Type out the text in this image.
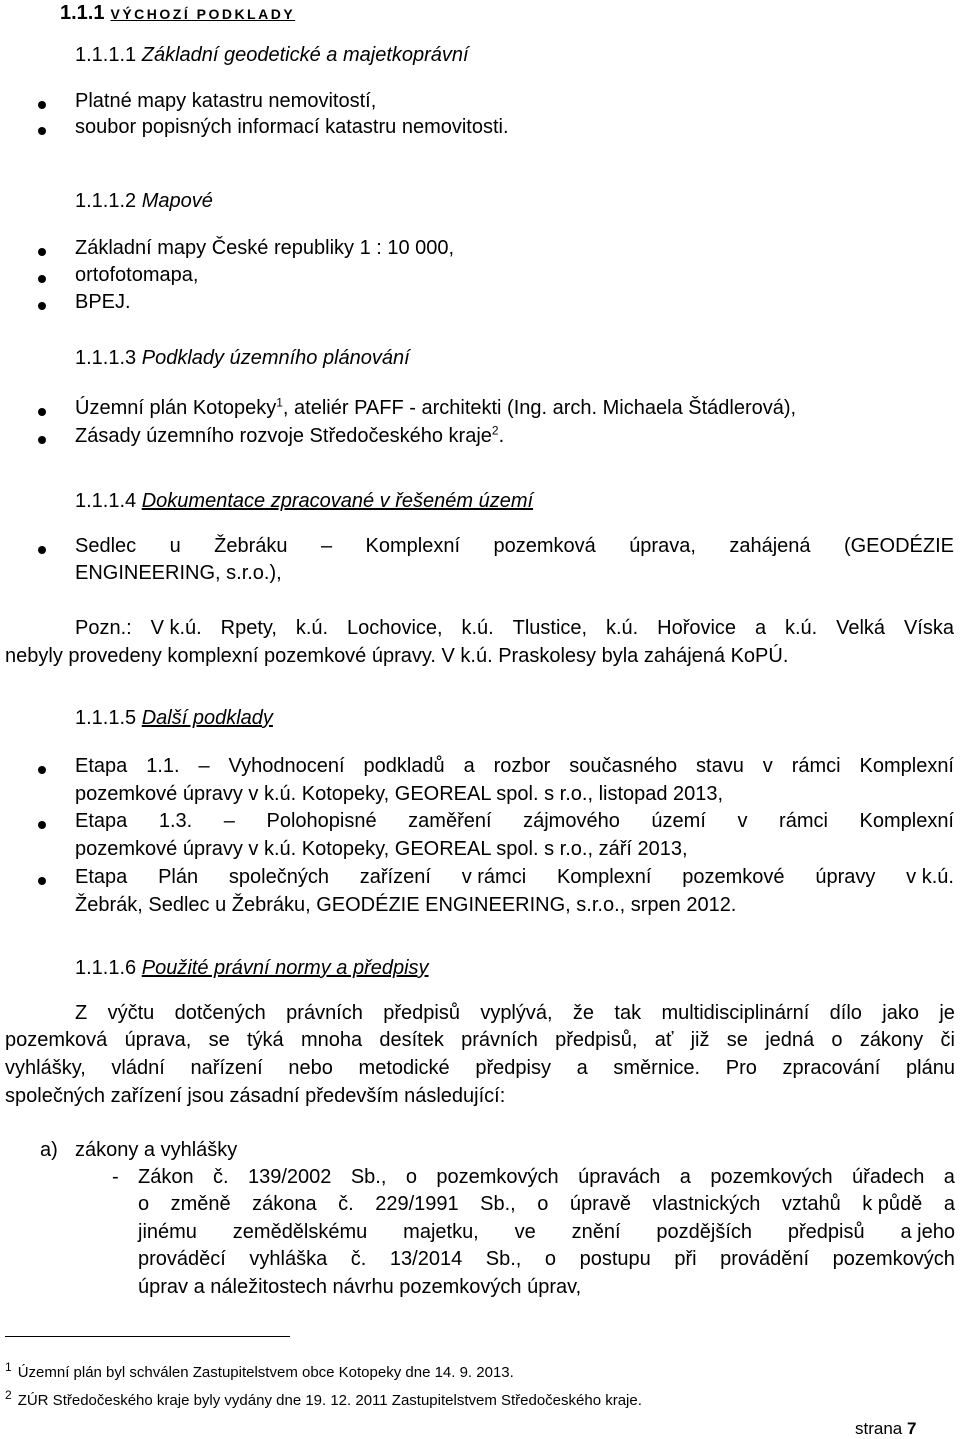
1.1.1 VÝCHOZÍ PODKLADY
1.1.1.1 Základní geodetické a majetkoprávní
Platné mapy katastru nemovitostí,
soubor popisných informací katastru nemovitosti.
1.1.1.2 Mapové
Základní mapy České republiky 1 : 10 000,
ortofotomapa,
BPEJ.
1.1.1.3 Podklady územního plánování
Územní plán Kotopeky$^1$, ateliér PAFF - architekti (Ing. arch. Michaela Štádlerová),
Zásady územního rozvoje Středočeského kraje$^2$.
1.1.1.4 Dokumentace zpracované v řešeném území
Sedlec u Žebráku – Komplexní pozemková úprava, zahájená (GEODÉZIE
ENGINEERING, s.r.o.),
Pozn.: V k.ú. Rpety, k.ú. Lochovice, k.ú. Tlustice, k.ú. Hořovice a k.ú. Velká Víska
nebyly provedeny komplexní pozemkové úpravy. V k.ú. Praskolesy byla zahájená KoPÚ.
1.1.1.5 Další podklady
Etapa 1.1. – Vyhodnocení podkladů a rozbor současného stavu v rámci Komplexní
pozemkové úpravy v k.ú. Kotopeky, GEOREAL spol. s r.o., listopad 2013,
Etapa 1.3. – Polohopisné zaměření zájmového území v rámci Komplexní
pozemkové úpravy v k.ú. Kotopeky, GEOREAL spol. s r.o., září 2013,
Etapa Plán společných zařízení v rámci Komplexní pozemkové úpravy v k.ú.
Žebrák, Sedlec u Žebráku, GEODÉZIE ENGINEERING, s.r.o., srpen 2012.
1.1.1.6 Použité právní normy a předpisy
Z výčtu dotčených právních předpisů vyplývá, že tak multidisciplinární dílo jako je
pozemková úprava, se týká mnoha desítek právních předpisů, ať již se jedná o zákony či
vyhlášky, vládní nařízení nebo metodické předpisy a směrnice. Pro zpracování plánu
společných zařízení jsou zásadní především následující:
a) zákony a vyhlášky
- Zákon č. 139/2002 Sb., o pozemkových úpravách a pozemkových úřadech a
o změně zákona č. 229/1991 Sb., o úpravě vlastnických vztahů k půdě a
jinému zemědělskému majetku, ve znění pozdějších předpisů a jeho
prováděcí vyhláška č. 13/2014 Sb., o postupu při provádění pozemkových
úprav a náležitostech návrhu pozemkových úprav,
$^1$ Územní plán byl schválen Zastupitelstvem obce Kotopeky dne 14. 9. 2013.
$^2$ ZÚR Středočeského kraje byly vydány dne 19. 12. 2011 Zastupitelstvem Středočeského kraje.
strana 7
